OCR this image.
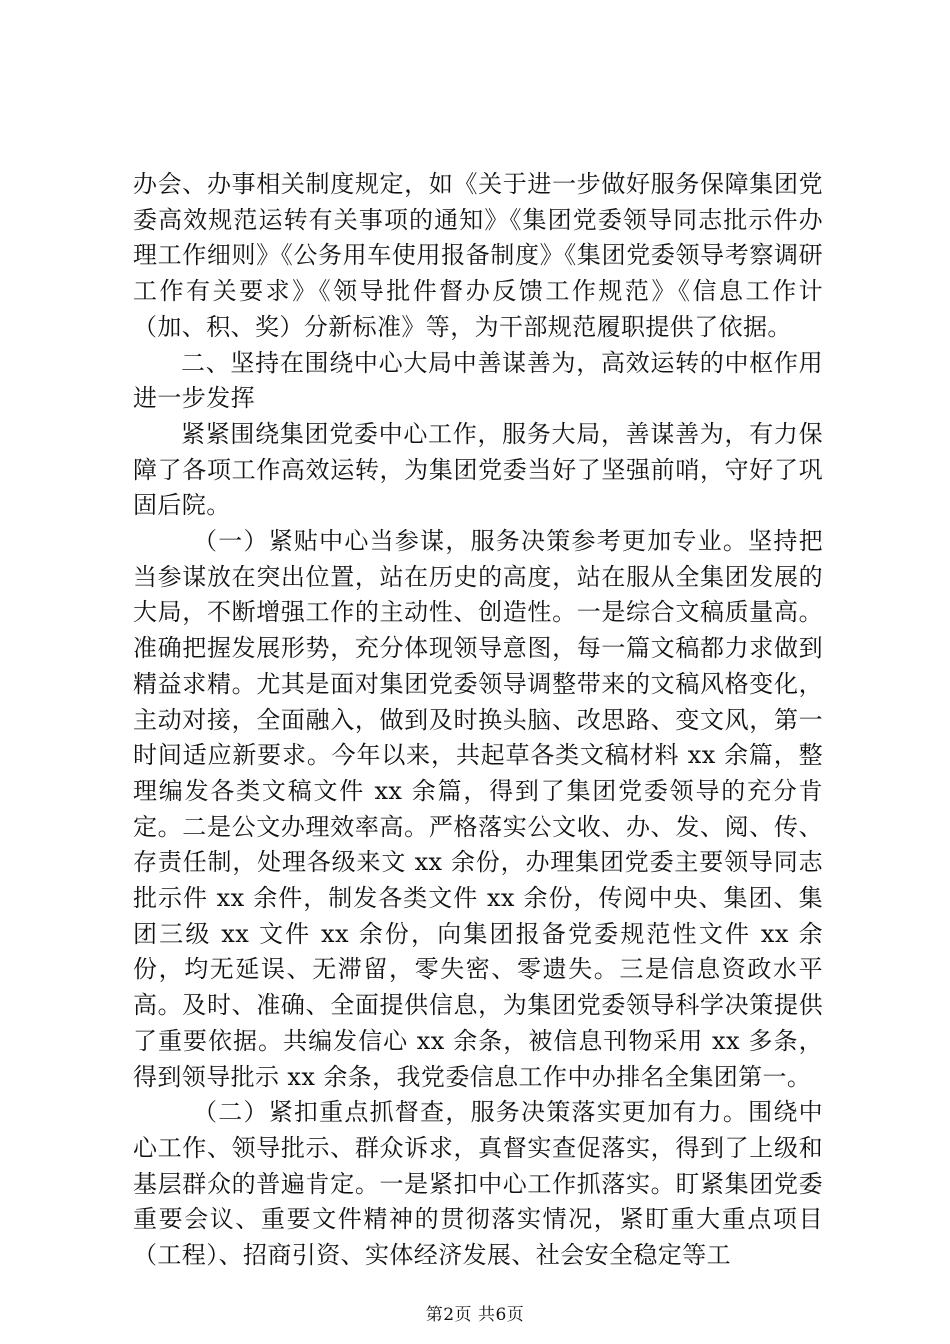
办会、办事相关制度规定，如《关于进一步做好服务保障集团党委高效规范运转有关事项的通知》《集团党委领导同志批示件办理工作细则》《公务用车使用报备制度》《集团党委领导考察调研工作有关要求》《领导批件督办反馈工作规范》《信息工作计（加、积、奖）分新标准》等，为干部规范履职提供了依据。

二、坚持在围绕中心大局中善谋善为，高效运转的中枢作用进一步发挥

紧紧围绕集团党委中心工作，服务大局，善谋善为，有力保障了各项工作高效运转，为集团党委当好了坚强前哨，守好了巩固后院。

（一）紧贴中心当参谋，服务决策参考更加专业。坚持把当参谋放在突出位置，站在历史的高度，站在服从全集团发展的大局，不断增强工作的主动性、创造性。一是综合文稿质量高。准确把握发展形势，充分体现领导意图，每一篇文稿都力求做到精益求精。尤其是面对集团党委领导调整带来的文稿风格变化，主动对接，全面融入，做到及时换头脑、改思路、变文风，第一时间适应新要求。今年以来，共起草各类文稿材料 xx 余篇，整理编发各类文稿文件 xx 余篇，得到了集团党委领导的充分肯定。二是公文办理效率高。严格落实公文收、办、发、阅、传、存责任制，处理各级来文 xx 余份，办理集团党委主要领导同志批示件 xx 余件，制发各类文件 xx 余份，传阅中央、集团、集团三级 xx 文件 xx 余份，向集团报备党委规范性文件 xx 余份，均无延误、无滞留，零失密、零遗失。三是信息资政水平高。及时、准确、全面提供信息，为集团党委领导科学决策提供了重要依据。共编发信心 xx 余条，被信息刊物采用 xx 多条，得到领导批示 xx 余条，我党委信息工作中办排名全集团第一。

（二）紧扣重点抓督查，服务决策落实更加有力。围绕中心工作、领导批示、群众诉求，真督实查促落实，得到了上级和基层群众的普遍肯定。一是紧扣中心工作抓落实。盯紧集团党委重要会议、重要文件精神的贯彻落实情况，紧盯重大重点项目（工程）、招商引资、实体经济发展、社会安全稳定等工

第2页 共6页
